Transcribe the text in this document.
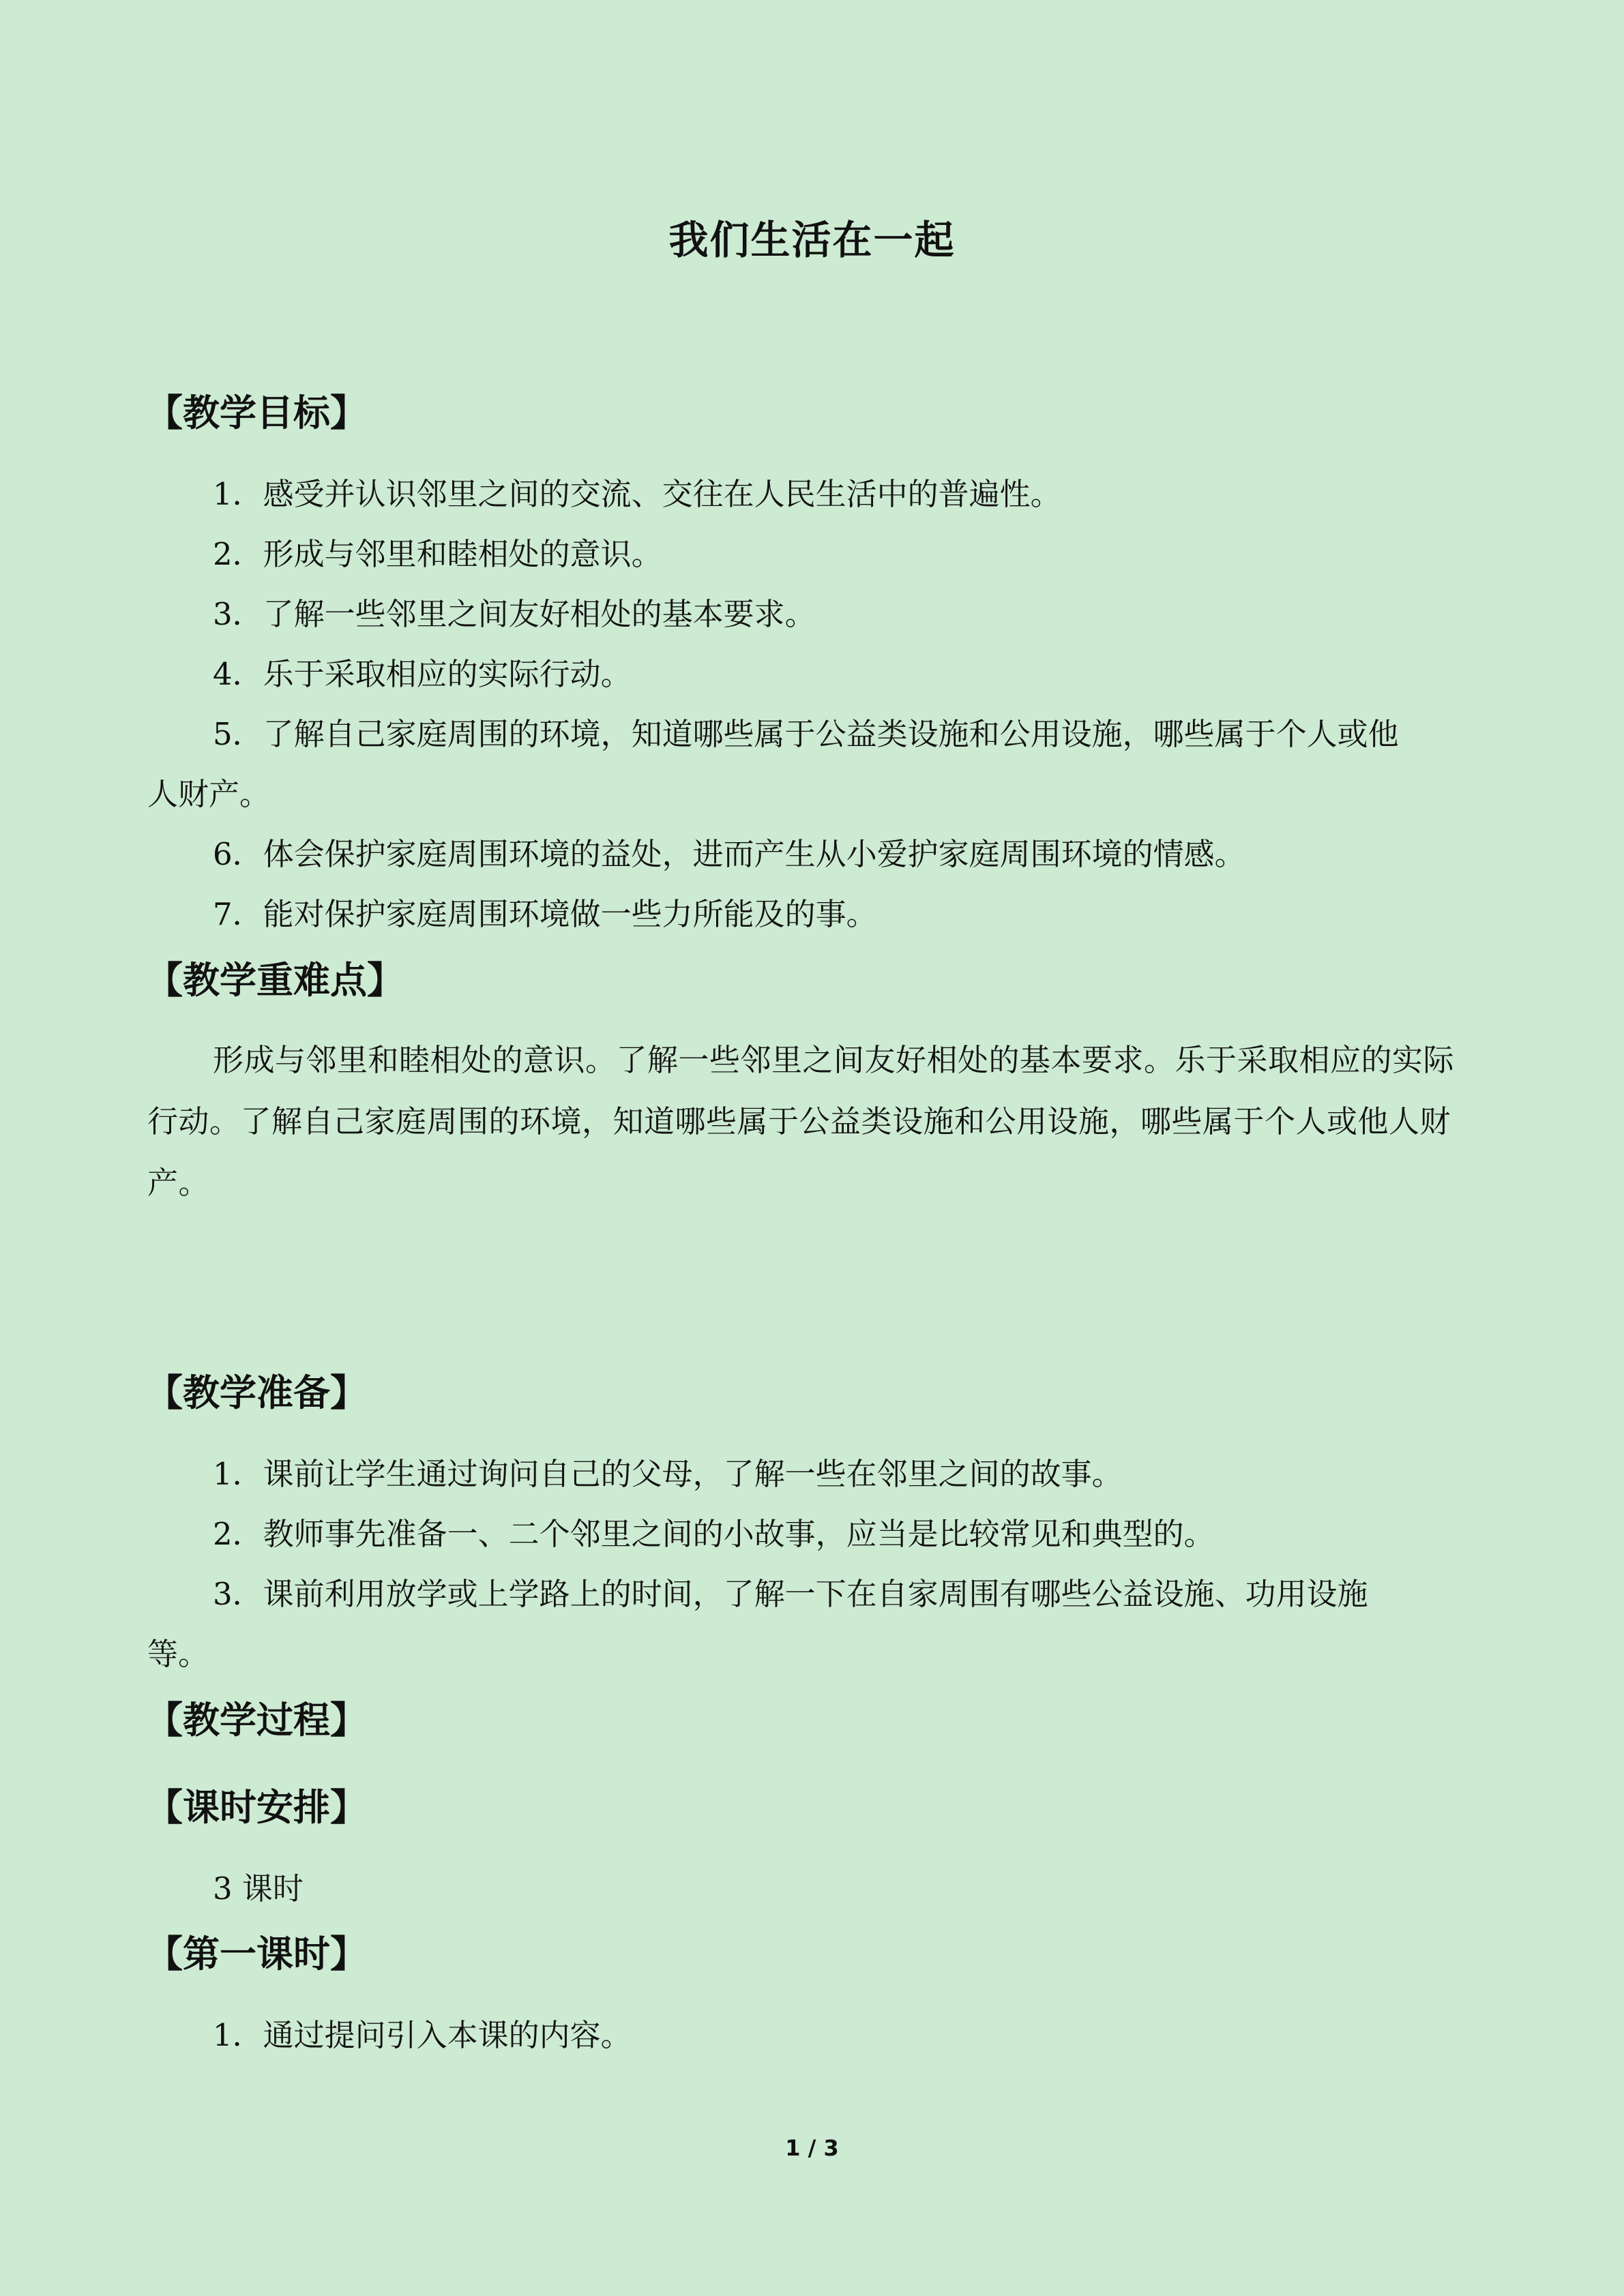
我们生活在一起
【教学目标】
1．感受并认识邻里之间的交流、交往在人民生活中的普遍性。
2．形成与邻里和睦相处的意识。
3．了解一些邻里之间友好相处的基本要求。
4．乐于采取相应的实际行动。
5．了解自己家庭周围的环境，知道哪些属于公益类设施和公用设施，哪些属于个人或他
人财产。
6．体会保护家庭周围环境的益处，进而产生从小爱护家庭周围环境的情感。
7．能对保护家庭周围环境做一些力所能及的事。
【教学重难点】
形成与邻里和睦相处的意识。了解一些邻里之间友好相处的基本要求。乐于采取相应的实际行动。了解自己家庭周围的环境，知道哪些属于公益类设施和公用设施，哪些属于个人或他人财产。
【教学准备】
1．课前让学生通过询问自己的父母，了解一些在邻里之间的故事。
2．教师事先准备一、二个邻里之间的小故事，应当是比较常见和典型的。
3．课前利用放学或上学路上的时间，了解一下在自家周围有哪些公益设施、功用设施
等。
【教学过程】
【课时安排】
3 课时
【第一课时】
1．通过提问引入本课的内容。
1 / 3
